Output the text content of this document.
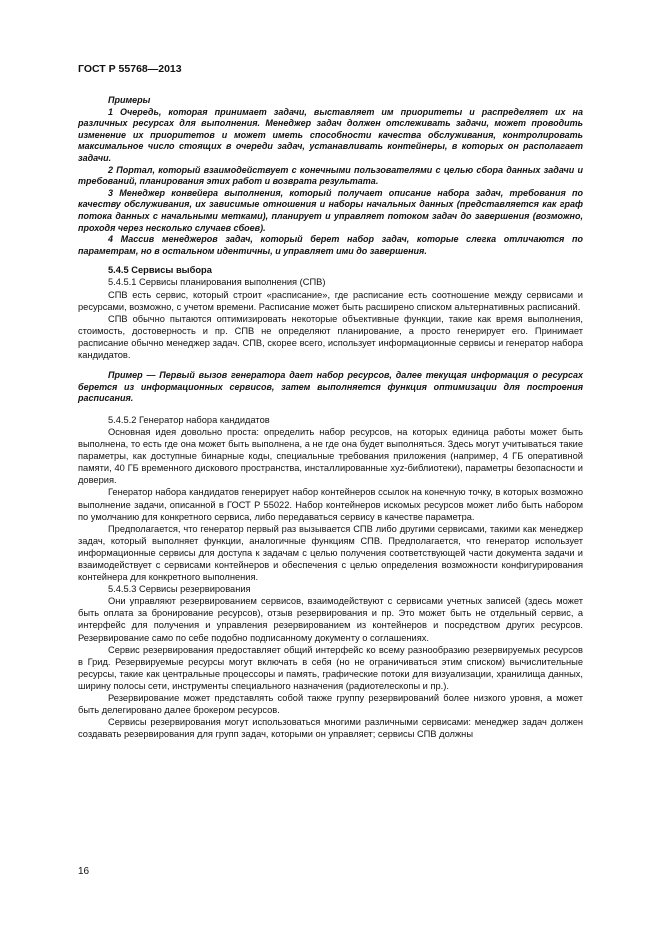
ГОСТ Р 55768—2013

Примеры

1 Очередь, которая принимает задачи, выставляет им приоритеты и распределяет их на различных ресурсах для выполнения. Менеджер задач должен отслеживать задачи, может проводить изменение их приоритетов и может иметь способности качества обслуживания, контролировать максимальное число стоящих в очереди задач, устанавливать контейнеры, в которых он располагает задачи.

2 Портал, который взаимодействует с конечными пользователями с целью сбора данных задачи и требований, планирования этих работ и возврата результата.

3 Менеджер конвейера выполнения, который получает описание набора задач, требования по качеству обслуживания, их зависимые отношения и наборы начальных данных (представляется как граф потока данных с начальными метками), планирует и управляет потоком задач до завершения (возможно, проходя через несколько случаев сбоев).

4 Массив менеджеров задач, который берет набор задач, которые слегка отличаются по параметрам, но в остальном идентичны, и управляет ими до завершения.

5.4.5 Сервисы выбора

5.4.5.1 Сервисы планирования выполнения (СПВ)

СПВ есть сервис, который строит «расписание», где расписание есть соотношение между сервисами и ресурсами, возможно, с учетом времени. Расписание может быть расширено списком альтернативных расписаний.

СПВ обычно пытаются оптимизировать некоторые объективные функции, такие как время выполнения, стоимость, достоверность и пр. СПВ не определяют планирование, а просто генерирует его. Принимает расписание обычно менеджер задач. СПВ, скорее всего, использует информационные сервисы и генератор набора кандидатов.

Пример — Первый вызов генератора дает набор ресурсов, далее текущая информация о ресурсах берется из информационных сервисов, затем выполняется функция оптимизации для построения расписания.

5.4.5.2 Генератор набора кандидатов

Основная идея довольно проста: определить набор ресурсов, на которых единица работы может быть выполнена, то есть где она может быть выполнена, а не где она будет выполняться. Здесь могут учитываться такие параметры, как доступные бинарные коды, специальные требования приложения (например, 4 ГБ оперативной памяти, 40 ГБ временного дискового пространства, инсталлированные xyz-библиотеки), параметры безопасности и доверия.

Генератор набора кандидатов генерирует набор контейнеров ссылок на конечную точку, в которых возможно выполнение задачи, описанной в ГОСТ Р 55022. Набор контейнеров искомых ресурсов может либо быть набором по умолчанию для конкретного сервиса, либо передаваться сервису в качестве параметра.

Предполагается, что генератор первый раз вызывается СПВ либо другими сервисами, такими как менеджер задач, который выполняет функции, аналогичные функциям СПВ. Предполагается, что генератор использует информационные сервисы для доступа к задачам с целью получения соответствующей части документа задачи и взаимодействует с сервисами контейнеров и обеспечения с целью определения возможности конфигурирования контейнера для конкретного выполнения.

5.4.5.3 Сервисы резервирования

Они управляют резервированием сервисов, взаимодействуют с сервисами учетных записей (здесь может быть оплата за бронирование ресурсов), отзыв резервирования и пр. Это может быть не отдельный сервис, а интерфейс для получения и управления резервированием из контейнеров и посредством других ресурсов. Резервирование само по себе подобно подписанному документу о соглашениях.

Сервис резервирования предоставляет общий интерфейс ко всему разнообразию резервируемых ресурсов в Грид. Резервируемые ресурсы могут включать в себя (но не ограничиваться этим списком) вычислительные ресурсы, такие как центральные процессоры и память, графические потоки для визуализации, хранилища данных, ширину полосы сети, инструменты специального назначения (радиотелескопы и пр.).

Резервирование может представлять собой также группу резервирований более низкого уровня, а может быть делегировано далее брокером ресурсов.

Сервисы резервирования могут использоваться многими различными сервисами: менеджер задач должен создавать резервирования для групп задач, которыми он управляет; сервисы СПВ должны

16
